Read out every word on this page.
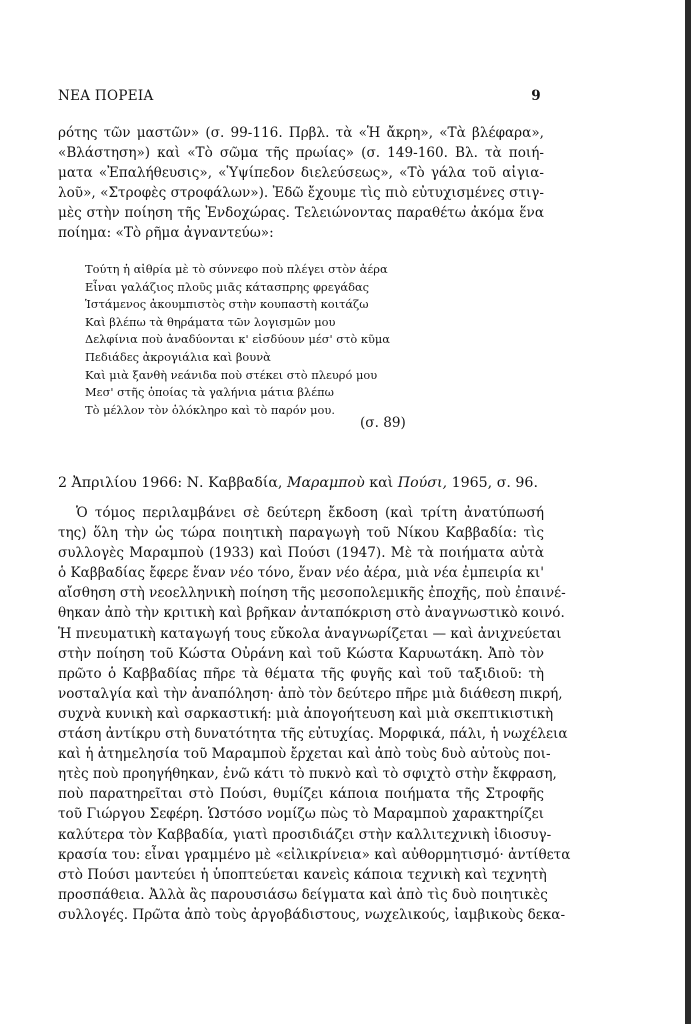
ΝΕΑ ΠΟΡΕΙΑ	9
ρότης τῶν μαστῶν» (σ. 99-116. Πρβλ. τὰ «Ἡ ἄκρη», «Τὰ βλέφαρα»,
«Βλάστηση») καὶ «Τὸ σῶμα τῆς πρωίας» (σ. 149-160. Βλ. τὰ ποιή-
ματα «Ἐπαλήθευσις», «Ὑψίπεδον διελεύσεως», «Τὸ γάλα τοῦ αἰγια-
λοῦ», «Στροφὲς στροφάλων»). Ἐδῶ ἔχουμε τὶς πιὸ εὐτυχισμένες στιγ-
μὲς στὴν ποίηση τῆς Ἐνδοχώρας. Τελειώνοντας παραθέτω ἀκόμα ἕνα
ποίημα: «Τὸ ρῆμα ἀγναντεύω»:
Τούτη ἡ αἰθρία μὲ τὸ σύννεφο ποὺ πλέγει στὸν ἀέρα
Εἶναι γαλάζιος πλοῦς μιᾶς κάτασπρης φρεγάδας
Ἱστάμενος ἀκουμπιστὸς στὴν κουπαστὴ κοιτάζω
Καὶ βλέπω τὰ θηράματα τῶν λογισμῶν μου
Δελφίνια ποὺ ἀναδύονται κ' εἰσδύουν μέσ' στὸ κῦμα
Πεδιάδες ἀκρογιάλια καὶ βουνὰ
Καὶ μιὰ ξανθὴ νεάνιδα ποὺ στέκει στὸ πλευρό μου
Μεσ' στῆς ὁποίας τὰ γαλήνια μάτια βλέπω
Τὸ μέλλον τὸν ὁλόκληρο καὶ τὸ παρόν μου.
(σ. 89)
2 Ἀπριλίου 1966: Ν. Καββαδία, Μαραμποὺ καὶ Πούσι, 1965, σ. 96.
Ὁ τόμος περιλαμβάνει σὲ δεύτερη ἔκδοση (καὶ τρίτη ἀνατύπωσή
της) ὅλη τὴν ὡς τώρα ποιητικὴ παραγωγὴ τοῦ Νίκου Καββαδία: τὶς
συλλογὲς Μαραμποὺ (1933) καὶ Πούσι (1947). Μὲ τὰ ποιήματα αὐτὰ
ὁ Καββαδίας ἔφερε ἕναν νέο τόνο, ἕναν νέο ἀέρα, μιὰ νέα ἐμπειρία κι'
αἴσθηση στὴ νεοελληνικὴ ποίηση τῆς μεσοπολεμικῆς ἐποχῆς, ποὺ ἐπαινέ-
θηκαν ἀπὸ τὴν κριτικὴ καὶ βρῆκαν ἀνταπόκριση στὸ ἀναγνωστικὸ κοινό.
Ἡ πνευματικὴ καταγωγή τους εὔκολα ἀναγνωρίζεται — καὶ ἀνιχνεύεται
στὴν ποίηση τοῦ Κώστα Οὐράνη καὶ τοῦ Κώστα Καρυωτάκη. Ἀπὸ τὸν
πρῶτο ὁ Καββαδίας πῆρε τὰ θέματα τῆς φυγῆς καὶ τοῦ ταξιδιοῦ: τὴ
νοσταλγία καὶ τὴν ἀναπόληση· ἀπὸ τὸν δεύτερο πῆρε μιὰ διάθεση πικρή,
συχνὰ κυνικὴ καὶ σαρκαστική: μιὰ ἀπογοήτευση καὶ μιὰ σκεπτικιστικὴ
στάση ἀντίκρυ στὴ δυνατότητα τῆς εὐτυχίας. Μορφικά, πάλι, ἡ νωχέλεια
καὶ ἡ ἀτημελησία τοῦ Μαραμποὺ ἔρχεται καὶ ἀπὸ τοὺς δυὸ αὐτοὺς ποι-
ητὲς ποὺ προηγήθηκαν, ἐνῶ κάτι τὸ πυκνὸ καὶ τὸ σφιχτὸ στὴν ἔκφραση,
ποὺ παρατηρεῖται στὸ Πούσι, θυμίζει κάποια ποιήματα τῆς Στροφῆς
τοῦ Γιώργου Σεφέρη. Ὡστόσο νομίζω πὼς τὸ Μαραμποὺ χαρακτηρίζει
καλύτερα τὸν Καββαδία, γιατὶ προσιδιάζει στὴν καλλιτεχνικὴ ἰδιοσυγ-
κρασία του: εἶναι γραμμένο μὲ «εἰλικρίνεια» καὶ αὐθορμητισμό· ἀντίθετα
στὸ Πούσι μαντεύει ἡ ὑποπτεύεται κανεὶς κάποια τεχνικὴ καὶ τεχνητὴ
προσπάθεια. Ἀλλὰ ἂς παρουσιάσω δείγματα καὶ ἀπὸ τὶς δυὸ ποιητικὲς
συλλογές. Πρῶτα ἀπὸ τοὺς ἀργοβάδιστους, νωχελικούς, ἰαμβικοὺς δεκα-
